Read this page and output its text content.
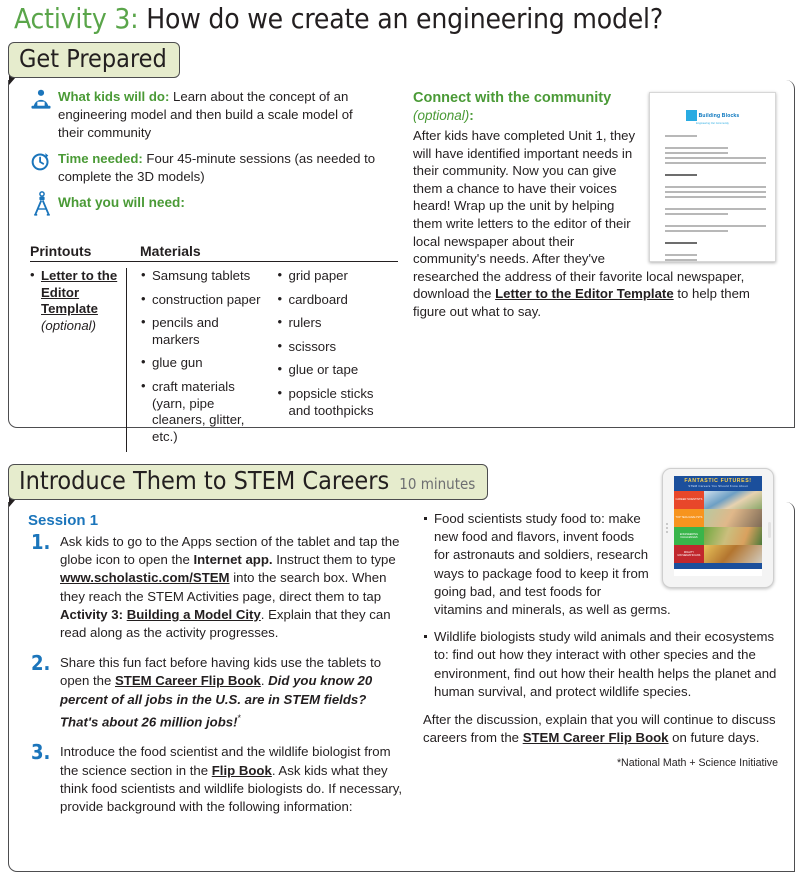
Activity 3: How do we create an engineering model?
Get Prepared

What kids will do: Learn about the concept of an engineering model and then build a scale model of their community

Time needed: Four 45-minute sessions (as needed to complete the 3D models)

What you will need:

Printouts	Materials
• Letter to the Editor Template (optional)
• Samsung tablets
• construction paper
• pencils and markers
• glue gun
• craft materials (yarn, pipe cleaners, glitter, etc.)
• grid paper
• cardboard
• rulers
• scissors
• glue or tape
• popsicle sticks and toothpicks
Building Blocks
Engineering Our Community
Connect with the community
(optional):

After kids have completed Unit 1, they will have identified important needs in their community. Now you can give them a chance to have their voices heard! Wrap up the unit by helping them write letters to the editor of their local newspaper about their community's needs. After they've researched the address of their favorite local newspaper, download the Letter to the Editor Template to help them figure out what to say.

Introduce Them to STEM Careers 10 minutes
Session 1
1. Ask kids to go to the Apps section of the tablet and tap the globe icon to open the Internet app. Instruct them to type www.scholastic.com/STEM into the search box. When they reach the STEM Activities page, direct them to tap Activity 3: Building a Model City. Explain that they can read along as the activity progresses.

2. Share this fun fact before having kids use the tablets to open the STEM Career Flip Book. Did you know 20 percent of all jobs in the U.S. are in STEM fields? That's about 26 million jobs!*

3. Introduce the food scientist and the wildlife biologist from the science section in the Flip Book. Ask kids what they think food scientists and wildlife biologists do. If necessary, provide background with the following information:

FANTASTIC FUTURES!
STEM Careers You Should Know About
CAREER SCIENTISTS
TOP TECH ANALYSTS
ENGINEERING CHALLENGES
MIGHTY MATHEMATICIANS
Food scientists study food to: make new food and flavors, invent foods for astronauts and soldiers, research ways to package food to keep it from going bad, and test foods for vitamins and minerals, as well as germs.
Wildlife biologists study wild animals and their ecosystems to: find out how they interact with other species and the environment, find out how their health helps the planet and human survival, and protect wildlife species.

After the discussion, explain that you will continue to discuss careers from the STEM Career Flip Book on future days.

*National Math + Science Initiative
